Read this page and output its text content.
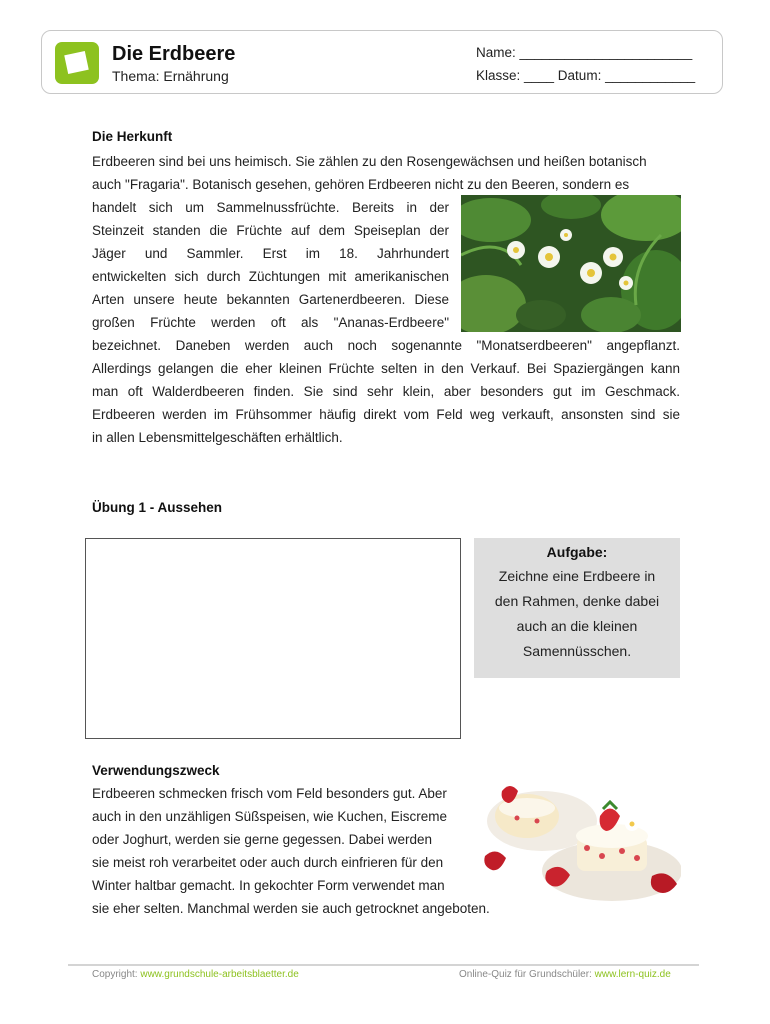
Die Erdbeere
Thema: Ernährung
Name: _______________________
Klasse: ____ Datum: ____________
Die Herkunft

Erdbeeren sind bei uns heimisch. Sie zählen zu den Rosengewächsen und heißen botanisch

auch "Fragaria". Botanisch gesehen, gehören Erdbeeren nicht zu den Beeren, sondern es

handelt sich um Sammelnussfrüchte. Bereits in der

Steinzeit standen die Früchte auf dem Speiseplan der

Jäger und Sammler. Erst im 18. Jahrhundert

entwickelten sich durch Züchtungen mit amerikanischen

Arten unsere heute bekannten Gartenerdbeeren. Diese

großen Früchte werden oft als "Ananas-Erdbeere"

bezeichnet. Daneben werden auch noch sogenannte "Monatserdbeeren" angepflanzt.

Allerdings gelangen die eher kleinen Früchte selten in den Verkauf. Bei Spaziergängen kann

man oft Walderdbeeren finden. Sie sind sehr klein, aber besonders gut im Geschmack.

Erdbeeren werden im Frühsommer häufig direkt vom Feld weg verkauft, ansonsten sind sie

in allen Lebensmittelgeschäften erhältlich.

Übung 1 - Aussehen
Aufgabe:

Zeichne eine Erdbeere in

den Rahmen, denke dabei

auch an die kleinen

Samennüsschen.

Verwendungszweck

Erdbeeren schmecken frisch vom Feld besonders gut. Aber

auch in den unzähligen Süßspeisen, wie Kuchen, Eiscreme

oder Joghurt, werden sie gerne gegessen. Dabei werden

sie meist roh verarbeitet oder auch durch einfrieren für den

Winter haltbar gemacht. In gekochter Form verwendet man

sie eher selten. Manchmal werden sie auch getrocknet angeboten.

Copyright: www.grundschule-arbeitsblaetter.de	Online-Quiz für Grundschüler: www.lern-quiz.de
